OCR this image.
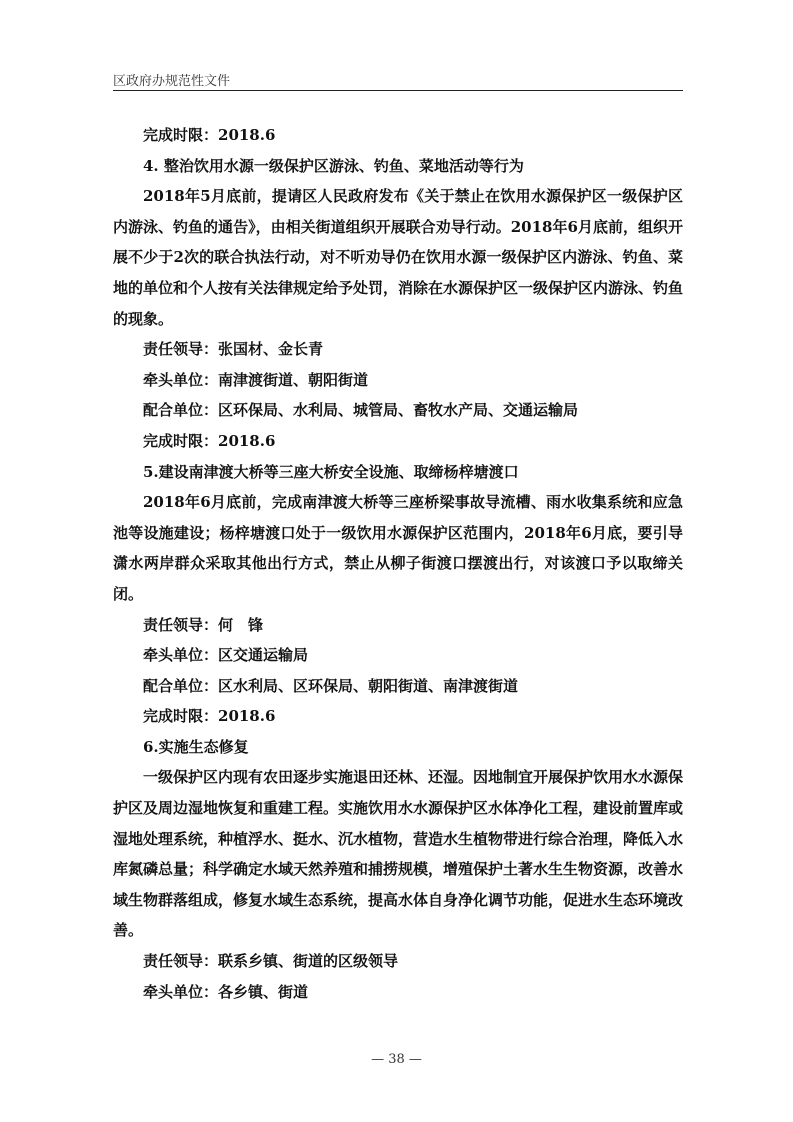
区政府办规范性文件

完成时限：2018.6

4. 整治饮用水源一级保护区游泳、钓鱼、菜地活动等行为

2018年5月底前，提请区人民政府发布《关于禁止在饮用水源保护区一级保护区内游泳、钓鱼的通告》，由相关街道组织开展联合劝导行动。2018年6月底前，组织开展不少于2次的联合执法行动，对不听劝导仍在饮用水源一级保护区内游泳、钓鱼、菜地的单位和个人按有关法律规定给予处罚，消除在水源保护区一级保护区内游泳、钓鱼的现象。

责任领导：张国材、金长青

牵头单位：南津渡街道、朝阳街道

配合单位：区环保局、水利局、城管局、畜牧水产局、交通运输局

完成时限：2018.6

5.建设南津渡大桥等三座大桥安全设施、取缔杨梓塘渡口

2018年6月底前，完成南津渡大桥等三座桥梁事故导流槽、雨水收集系统和应急池等设施建设；杨梓塘渡口处于一级饮用水源保护区范围内，2018年6月底，要引导潇水两岸群众采取其他出行方式，禁止从柳子街渡口摆渡出行，对该渡口予以取缔关闭。

责任领导：何　锋

牵头单位：区交通运输局

配合单位：区水利局、区环保局、朝阳街道、南津渡街道

完成时限：2018.6

6.实施生态修复

一级保护区内现有农田逐步实施退田还林、还湿。因地制宜开展保护饮用水水源保护区及周边湿地恢复和重建工程。实施饮用水水源保护区水体净化工程，建设前置库或湿地处理系统，种植浮水、挺水、沉水植物，营造水生植物带进行综合治理，降低入水库氮磷总量；科学确定水域天然养殖和捕捞规模，增殖保护土著水生生物资源，改善水域生物群落组成，修复水域生态系统，提高水体自身净化调节功能，促进水生态环境改善。

责任领导：联系乡镇、街道的区级领导

牵头单位：各乡镇、街道

— 38 —
